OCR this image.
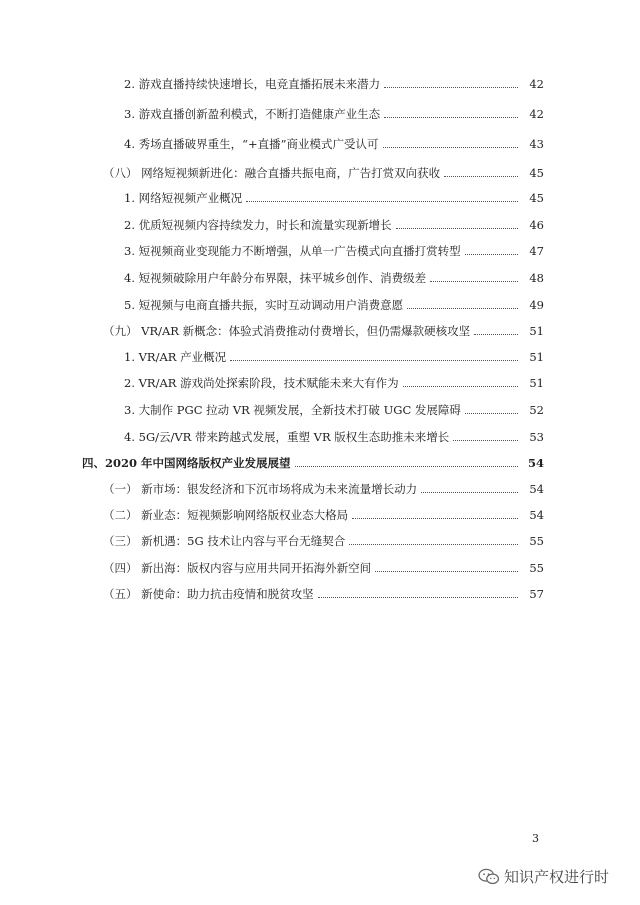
2. 游戏直播持续快速增长，电竞直播拓展未来潜力	42
3. 游戏直播创新盈利模式，不断打造健康产业生态	42
4. 秀场直播破界重生，“+直播”商业模式广受认可	43
（八） 网络短视频新进化：融合直播共振电商，广告打赏双向获收	45
1. 网络短视频产业概况	45
2. 优质短视频内容持续发力，时长和流量实现新增长	46
3. 短视频商业变现能力不断增强，从单一广告模式向直播打赏转型	47
4. 短视频破除用户年龄分布界限，抹平城乡创作、消费级差	48
5. 短视频与电商直播共振，实时互动调动用户消费意愿	49
（九） VR/AR 新概念：体验式消费推动付费增长，但仍需爆款硬核攻坚	51
1. VR/AR 产业概况	51
2. VR/AR 游戏尚处探索阶段，技术赋能未来大有作为	51
3. 大制作 PGC 拉动 VR 视频发展，全新技术打破 UGC 发展障碍	52
4. 5G/云/VR 带来跨越式发展，重塑 VR 版权生态助推未来增长	53
四、2020 年中国网络版权产业发展展望	54
（一） 新市场：银发经济和下沉市场将成为未来流量增长动力	54
（二） 新业态：短视频影响网络版权业态大格局	54
（三） 新机遇：5G 技术让内容与平台无缝契合	55
（四） 新出海：版权内容与应用共同开拓海外新空间	55
（五） 新使命：助力抗击疫情和脱贫攻坚	57
3
知识产权进行时
